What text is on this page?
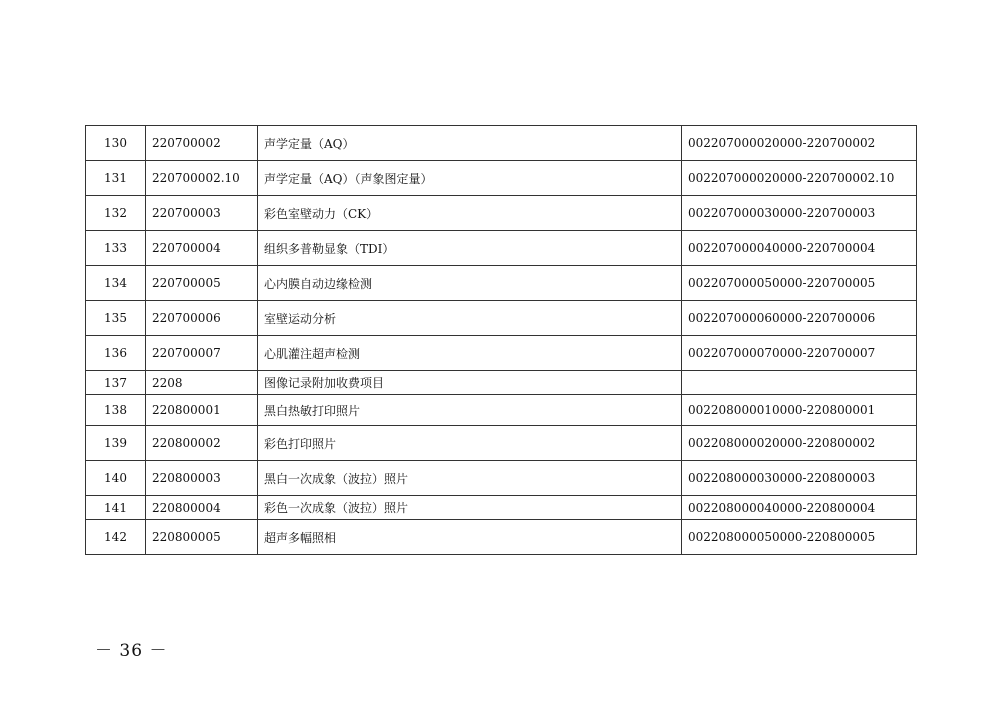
130	220700002	声学定量（AQ）	002207000020000-220700002
131	220700002.10	声学定量（AQ）（声象图定量）	002207000020000-220700002.10
132	220700003	彩色室壁动力（CK）	002207000030000-220700003
133	220700004	组织多普勒显象（TDI）	002207000040000-220700004
134	220700005	心内膜自动边缘检测	002207000050000-220700005
135	220700006	室壁运动分析	002207000060000-220700006
136	220700007	心肌灌注超声检测	002207000070000-220700007
137	2208	图像记录附加收费项目	
138	220800001	黑白热敏打印照片	002208000010000-220800001
139	220800002	彩色打印照片	002208000020000-220800002
140	220800003	黑白一次成象（波拉）照片	002208000030000-220800003
141	220800004	彩色一次成象（波拉）照片	002208000040000-220800004
142	220800005	超声多幅照相	002208000050000-220800005
－ 36 －
